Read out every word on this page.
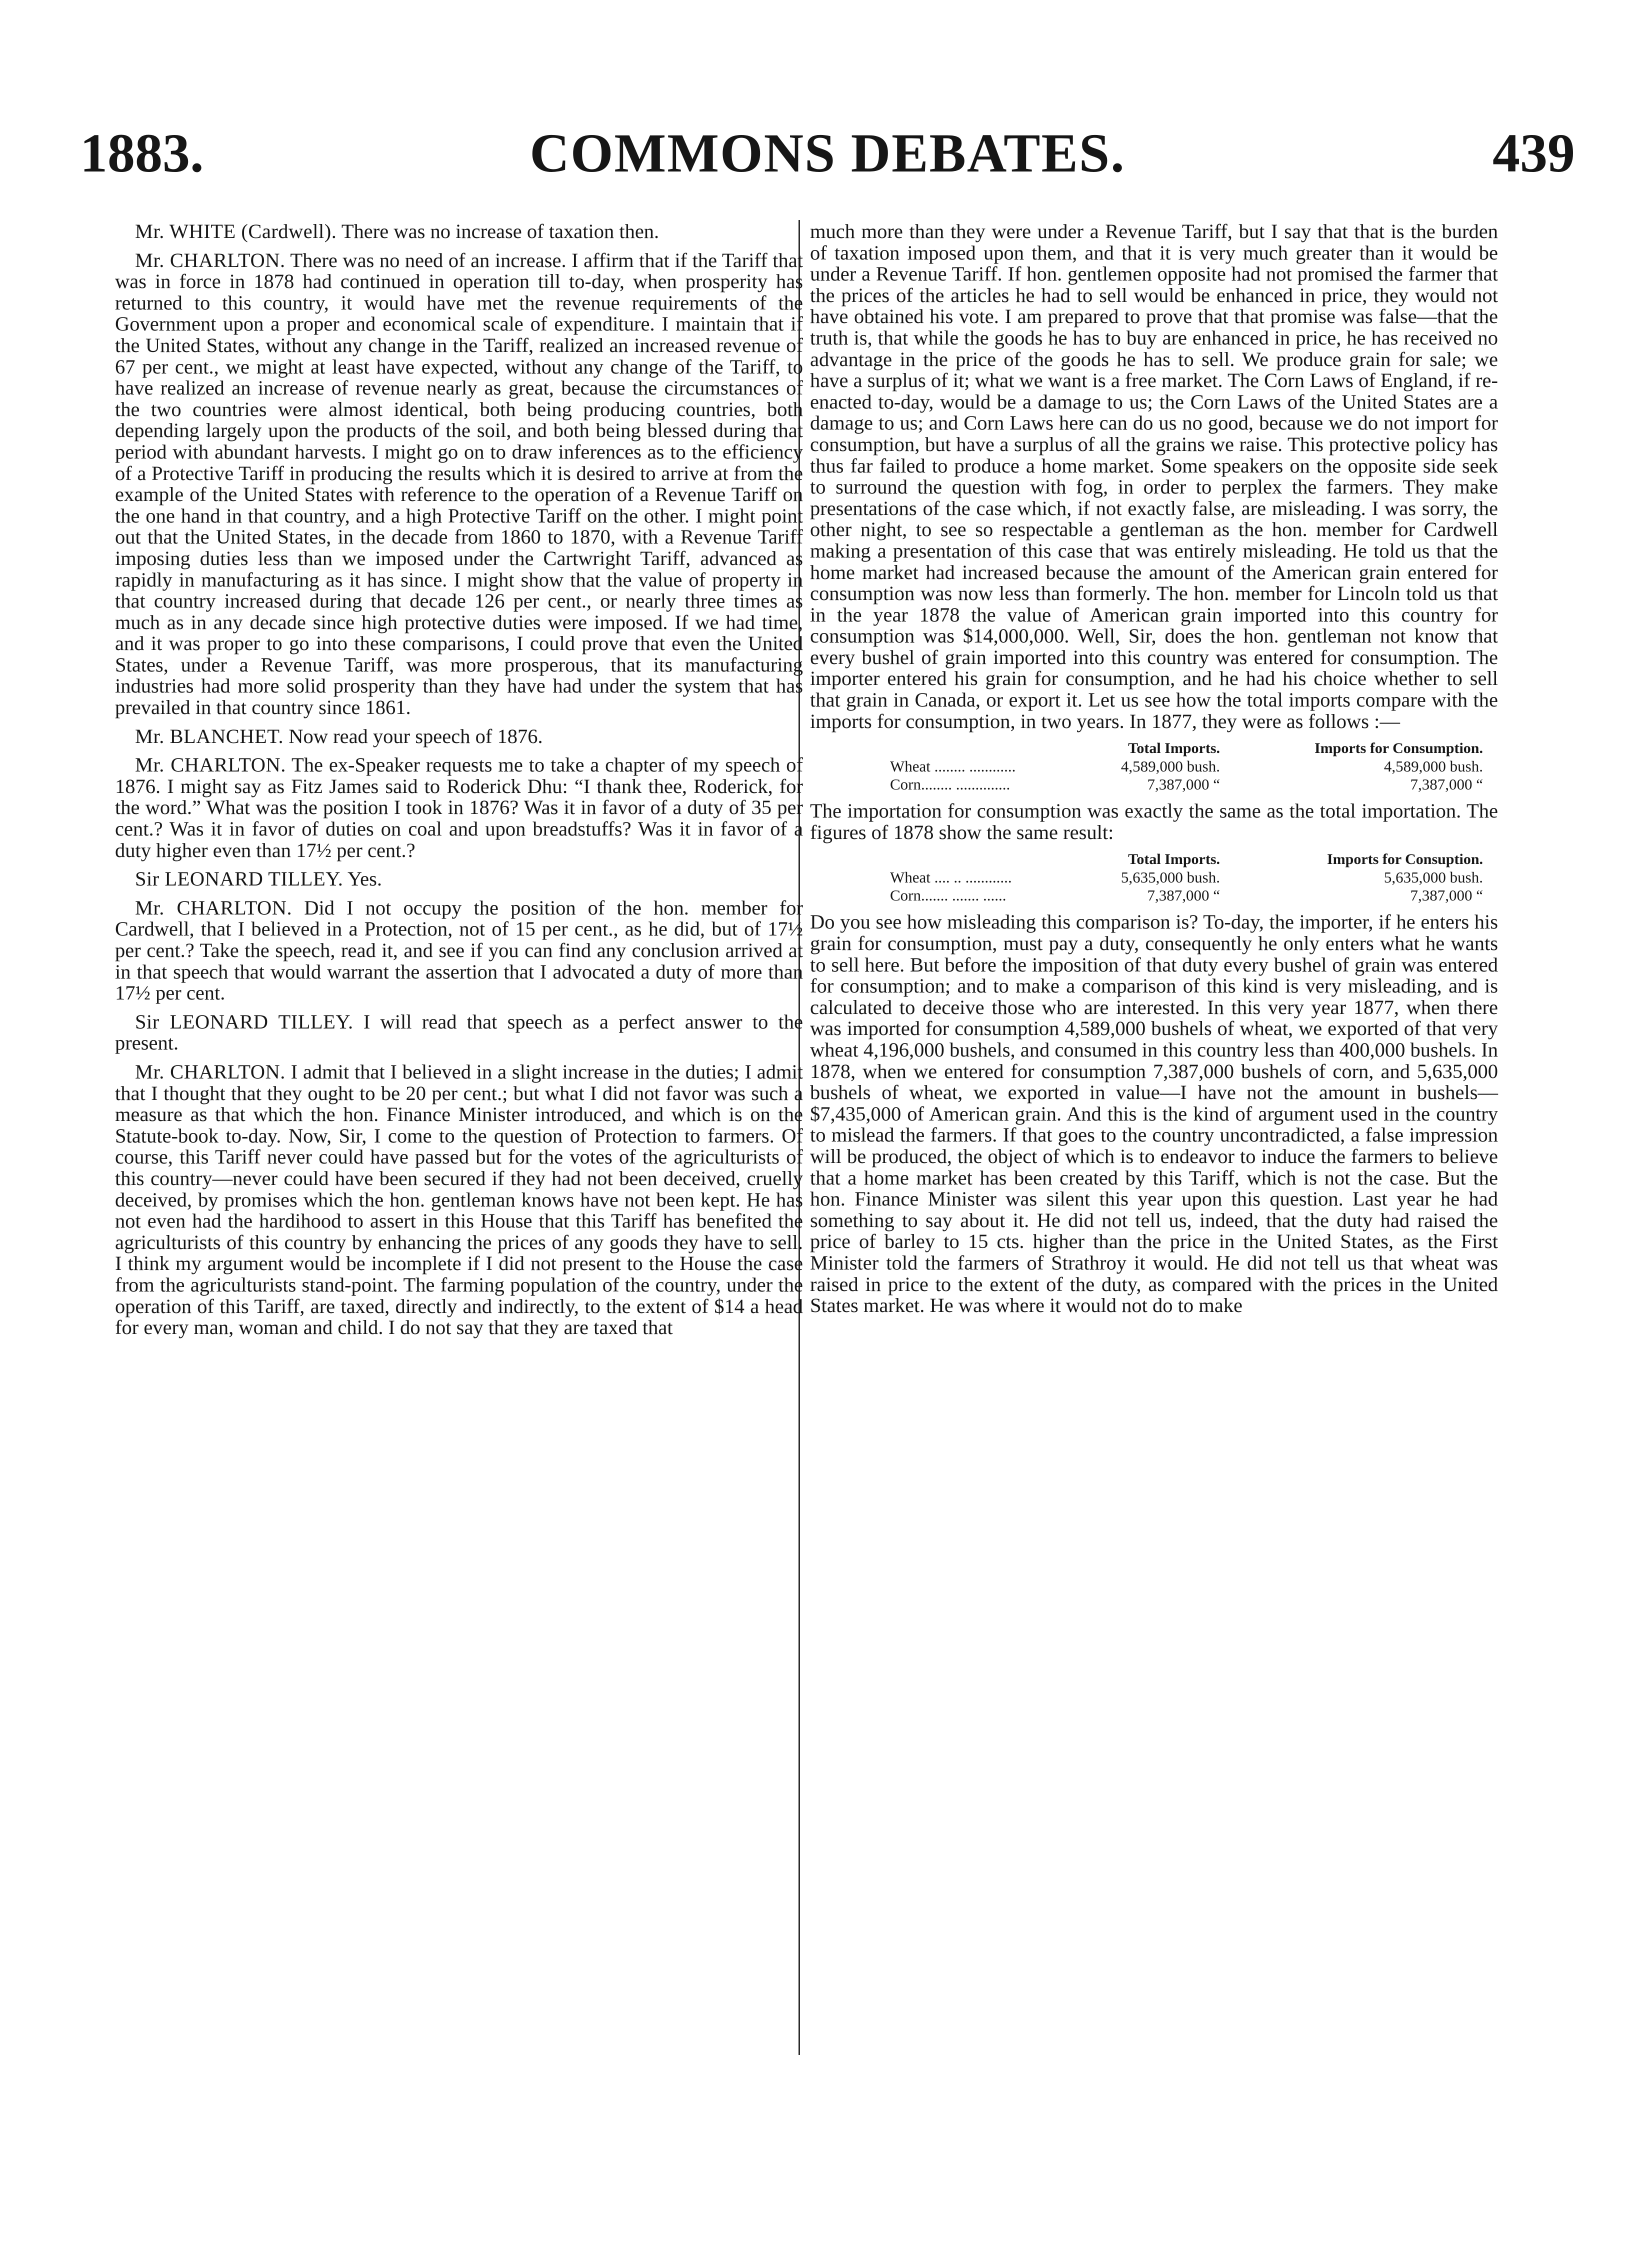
COMMONS DEBATES.
1883.	439

Mr. WHITE (Cardwell). There was no increase of taxation then.

Mr. CHARLTON. There was no need of an increase. I affirm that if the Tariff that was in force in 1878 had continued in operation till to-day, when prosperity has returned to this country, it would have met the revenue requirements of the Government upon a proper and economical scale of expenditure. I maintain that if the United States, without any change in the Tariff, realized an increased revenue of 67 per cent., we might at least have expected, without any change of the Tariff, to have realized an increase of revenue nearly as great, because the circumstances of the two countries were almost identical, both being producing countries, both depending largely upon the products of the soil, and both being blessed during that period with abundant harvests. I might go on to draw inferences as to the efficiency of a Protective Tariff in producing the results which it is desired to arrive at from the example of the United States with reference to the operation of a Revenue Tariff on the one hand in that country, and a high Protective Tariff on the other. I might point out that the United States, in the decade from 1860 to 1870, with a Revenue Tariff imposing duties less than we imposed under the Cartwright Tariff, advanced as rapidly in manufacturing as it has since. I might show that the value of property in that country increased during that decade 126 per cent., or nearly three times as much as in any decade since high protective duties were imposed. If we had time, and it was proper to go into these comparisons, I could prove that even the United States, under a Revenue Tariff, was more prosperous, that its manufacturing industries had more solid prosperity than they have had under the system that has prevailed in that country since 1861.

Mr. BLANCHET. Now read your speech of 1876.

Mr. CHARLTON. The ex-Speaker requests me to take a chapter of my speech of 1876. I might say as Fitz James said to Roderick Dhu: “I thank thee, Roderick, for the word.” What was the position I took in 1876? Was it in favor of a duty of 35 per cent.? Was it in favor of duties on coal and upon breadstuffs? Was it in favor of a duty higher even than 17½ per cent.?

Sir LEONARD TILLEY. Yes.

Mr. CHARLTON. Did I not occupy the position of the hon. member for Cardwell, that I believed in a Protection, not of 15 per cent., as he did, but of 17½ per cent.? Take the speech, read it, and see if you can find any conclusion arrived at in that speech that would warrant the assertion that I advocated a duty of more than 17½ per cent.

Sir LEONARD TILLEY. I will read that speech as a perfect answer to the present.

Mr. CHARLTON. I admit that I believed in a slight increase in the duties; I admit that I thought that they ought to be 20 per cent.; but what I did not favor was such a measure as that which the hon. Finance Minister introduced, and which is on the Statute-book to-day. Now, Sir, I come to the question of Protection to farmers. Of course, this Tariff never could have passed but for the votes of the agriculturists of this country—never could have been secured if they had not been deceived, cruelly deceived, by promises which the hon. gentleman knows have not been kept. He has not even had the hardihood to assert in this House that this Tariff has benefited the agriculturists of this country by enhancing the prices of any goods they have to sell. I think my argument would be incomplete if I did not present to the House the case from the agriculturists stand-point. The farming population of the country, under the operation of this Tariff, are taxed, directly and indirectly, to the extent of $14 a head for every man, woman and child. I do not say that they are taxed that

much more than they were under a Revenue Tariff, but I say that that is the burden of taxation imposed upon them, and that it is very much greater than it would be under a Revenue Tariff. If hon. gentlemen opposite had not promised the farmer that the prices of the articles he had to sell would be enhanced in price, they would not have obtained his vote. I am prepared to prove that that promise was false—that the truth is, that while the goods he has to buy are enhanced in price, he has received no advantage in the price of the goods he has to sell. We produce grain for sale; we have a surplus of it; what we want is a free market. The Corn Laws of England, if re-enacted to-day, would be a damage to us; the Corn Laws of the United States are a damage to us; and Corn Laws here can do us no good, because we do not import for consumption, but have a surplus of all the grains we raise. This protective policy has thus far failed to produce a home market. Some speakers on the opposite side seek to surround the question with fog, in order to perplex the farmers. They make presentations of the case which, if not exactly false, are misleading. I was sorry, the other night, to see so respectable a gentleman as the hon. member for Cardwell making a presentation of this case that was entirely misleading. He told us that the home market had increased because the amount of the American grain entered for consumption was now less than formerly. The hon. member for Lincoln told us that in the year 1878 the value of American grain imported into this country for consumption was $14,000,000. Well, Sir, does the hon. gentleman not know that every bushel of grain imported into this country was entered for consumption. The importer entered his grain for consumption, and he had his choice whether to sell that grain in Canada, or export it. Let us see how the total imports compare with the imports for consumption, in two years. In 1877, they were as follows :—

Total Imports.	Imports for Consumption.
Wheat ........ ............	4,589,000 bush.	4,589,000 bush.
Corn........ ..............	7,387,000 “	7,387,000 “

The importation for consumption was exactly the same as the total importation. The figures of 1878 show the same result:

Total Imports.	Imports for Consuption.
Wheat .... .. ............	5,635,000 bush.	5,635,000 bush.
Corn....... ....... ......	7,387,000 “	7,387,000 “

Do you see how misleading this comparison is? To-day, the importer, if he enters his grain for consumption, must pay a duty, consequently he only enters what he wants to sell here. But before the imposition of that duty every bushel of grain was entered for consumption; and to make a comparison of this kind is very misleading, and is calculated to deceive those who are interested. In this very year 1877, when there was imported for consumption 4,589,000 bushels of wheat, we exported of that very wheat 4,196,000 bushels, and consumed in this country less than 400,000 bushels. In 1878, when we entered for consumption 7,387,000 bushels of corn, and 5,635,000 bushels of wheat, we exported in value—I have not the amount in bushels—$7,435,000 of American grain. And this is the kind of argument used in the country to mislead the farmers. If that goes to the country uncontradicted, a false impression will be produced, the object of which is to endeavor to induce the farmers to believe that a home market has been created by this Tariff, which is not the case. But the hon. Finance Minister was silent this year upon this question. Last year he had something to say about it. He did not tell us, indeed, that the duty had raised the price of barley to 15 cts. higher than the price in the United States, as the First Minister told the farmers of Strathroy it would. He did not tell us that wheat was raised in price to the extent of the duty, as compared with the prices in the United States market. He was where it would not do to make
